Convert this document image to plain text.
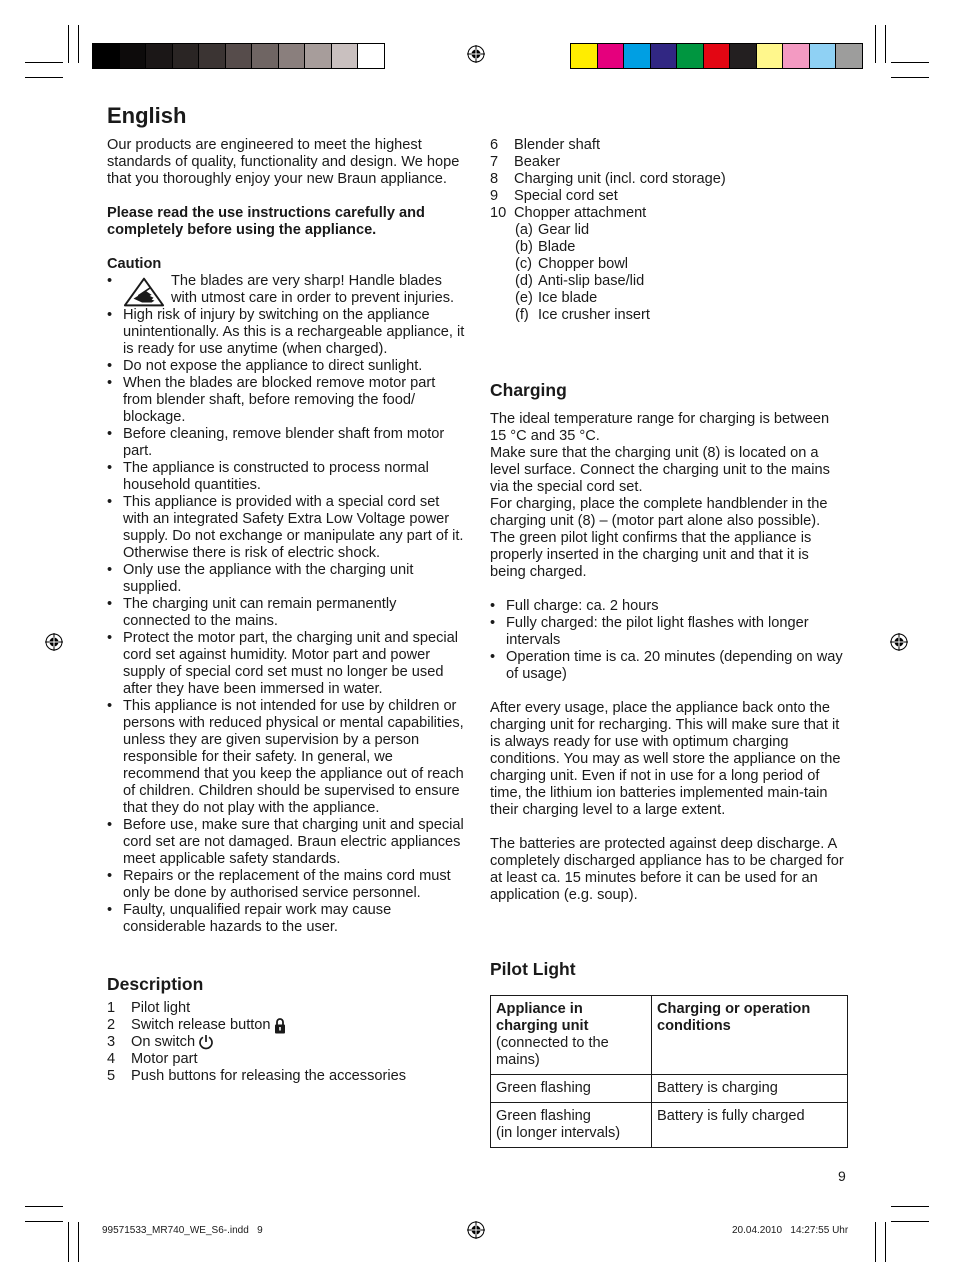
English

Our products are engineered to meet the highest standards of quality, functionality and design. We hope that you thoroughly enjoy your new Braun appliance.

Please read the use instructions carefully and completely before using the appliance.

Caution

•	The blades are very sharp! Handle blades with utmost care in order to prevent injuries.
• High risk of injury by switching on the appliance unintentionally. As this is a rechargeable appliance, it is ready for use anytime (when charged).
• Do not expose the appliance to direct sunlight.
• When the blades are blocked remove motor part from blender shaft, before removing the food/ blockage.
• Before cleaning, remove blender shaft from motor part.
• The appliance is constructed to process normal household quantities.
• This appliance is provided with a special cord set with an integrated Safety Extra Low Voltage power supply. Do not exchange or manipulate any part of it. Otherwise there is risk of electric shock.
• Only use the appliance with the charging unit supplied.
• The charging unit can remain permanently connected to the mains.
• Protect the motor part, the charging unit and special cord set against humidity. Motor part and power supply of special cord set must no longer be used after they have been immersed in water.
• This appliance is not intended for use by children or persons with reduced physical or mental capabilities, unless they are given supervision by a person responsible for their safety. In general, we recommend that you keep the appliance out of reach of children. Children should be supervised to ensure that they do not play with the appliance.
• Before use, make sure that charging unit and special cord set are not damaged. Braun electric appliances meet applicable safety standards.
• Repairs or the replacement of the mains cord must only be done by authorised service personnel.
• Faulty, unqualified repair work may cause considerable hazards to the user.
Description
1	Pilot light
2	Switch release button
3	On switch
4	Motor part
5	Push buttons for releasing the accessories
6	Blender shaft
7	Beaker
8	Charging unit (incl. cord storage)
9	Special cord set
10 Chopper attachment
(a) Gear lid
(b) Blade
(c) Chopper bowl
(d) Anti-slip base/lid
(e) Ice blade
(f) Ice crusher insert
Charging

The ideal temperature range for charging is between 15 °C and 35 °C.
Make sure that the charging unit (8) is located on a level surface. Connect the charging unit to the mains via the special cord set.
For charging, place the complete handblender in the charging unit (8) – (motor part alone also possible). The green pilot light confirms that the appliance is properly inserted in the charging unit and that it is being charged.

• Full charge: ca. 2 hours
• Fully charged: the pilot light flashes with longer intervals
• Operation time is ca. 20 minutes (depending on way of usage)

After every usage, place the appliance back onto the charging unit for recharging. This will make sure that it is always ready for use with optimum charging conditions. You may as well store the appliance on the charging unit. Even if not in use for a long period of time, the lithium ion batteries implemented main-tain their charging level to a large extent.

The batteries are protected against deep discharge. A completely discharged appliance has to be charged for at least ca. 15 minutes before it can be used for an application (e.g. soup).

Pilot Light
Appliance in charging unit
(connected to the mains)	Charging or operation conditions
Green flashing	Battery is charging
Green flashing
(in longer intervals)	Battery is fully charged
9
99571533_MR740_WE_S6-.indd   9	20.04.2010   14:27:55 Uhr
